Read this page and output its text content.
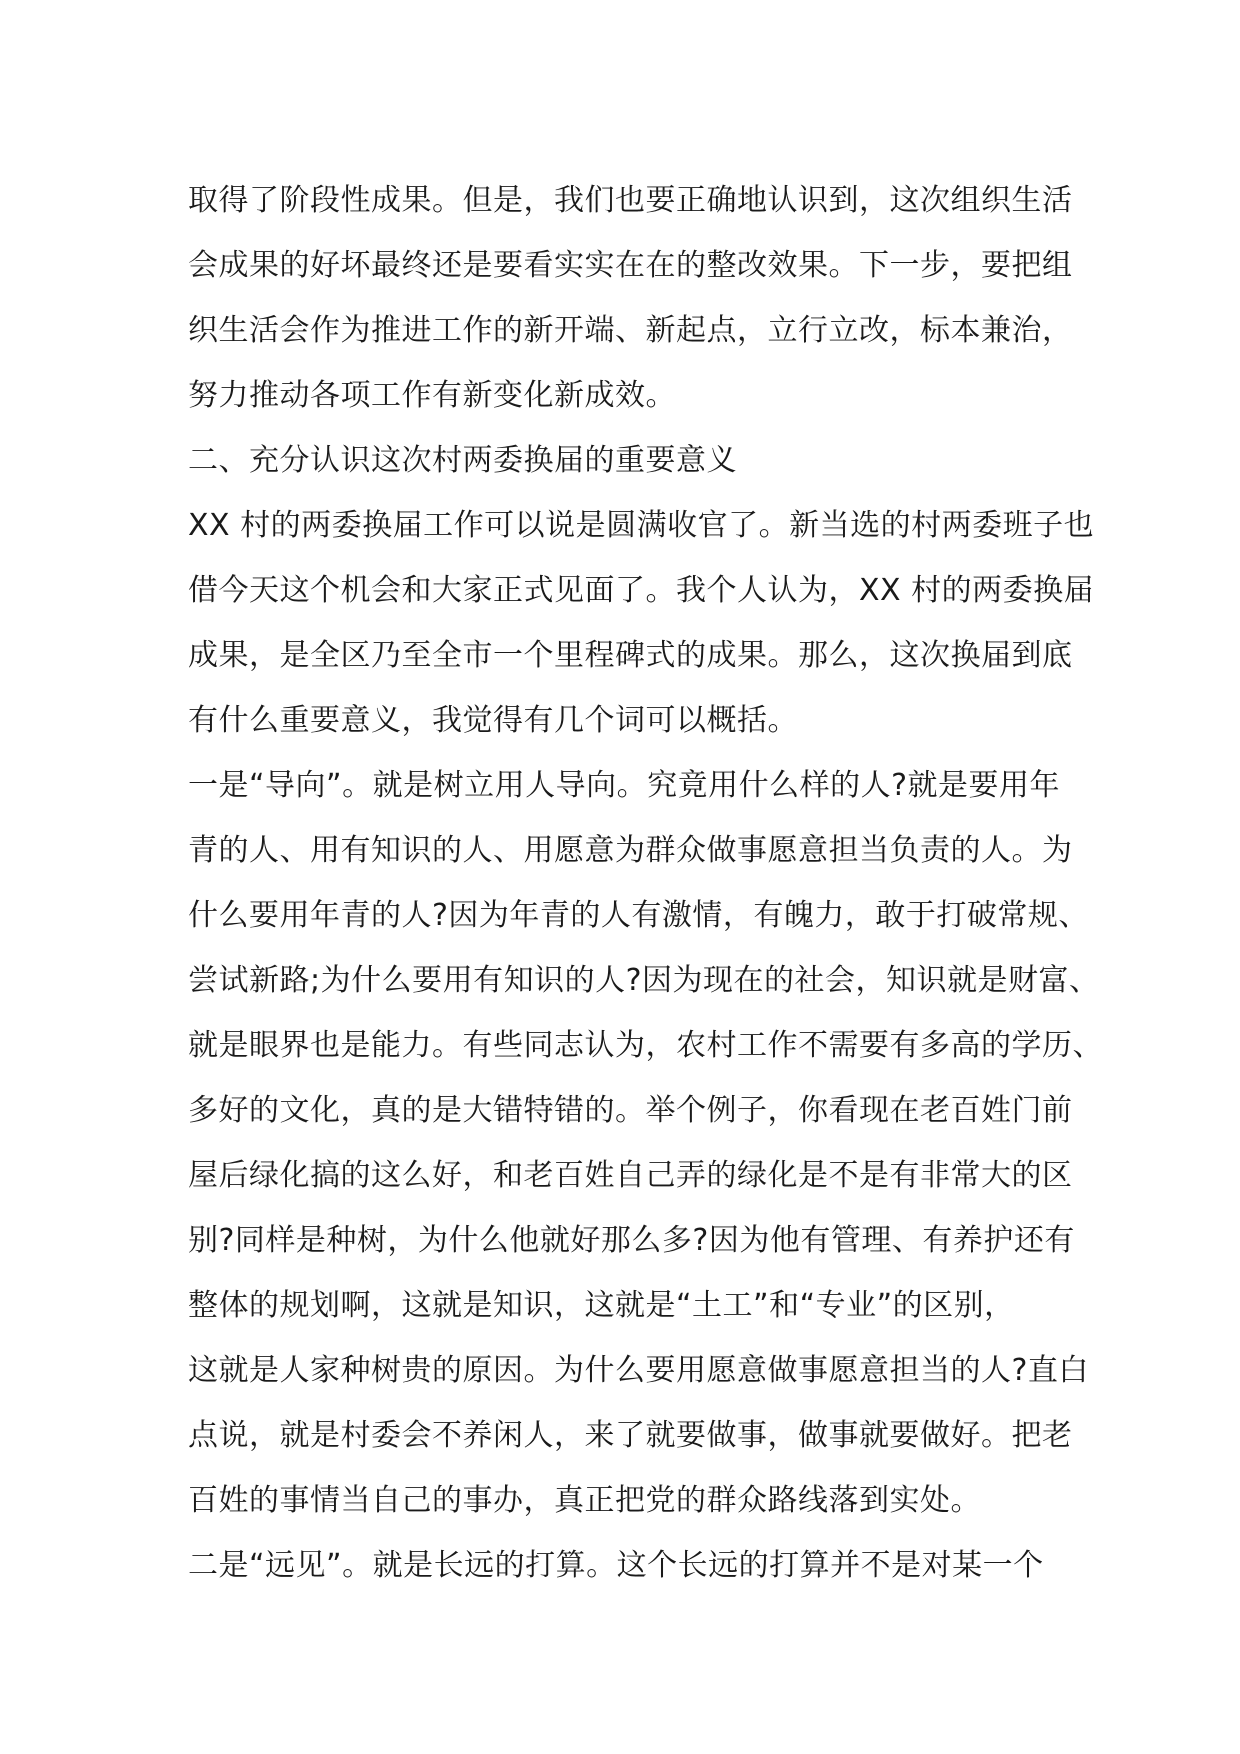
取得了阶段性成果。但是，我们也要正确地认识到，这次组织生活
会成果的好坏最终还是要看实实在在的整改效果。下一步，要把组
织生活会作为推进工作的新开端、新起点，立行立改，标本兼治，
努力推动各项工作有新变化新成效。
二、充分认识这次村两委换届的重要意义
XX 村的两委换届工作可以说是圆满收官了。新当选的村两委班子也
借今天这个机会和大家正式见面了。我个人认为，XX 村的两委换届
成果，是全区乃至全市一个里程碑式的成果。那么，这次换届到底
有什么重要意义，我觉得有几个词可以概括。
一是“导向”。就是树立用人导向。究竟用什么样的人?就是要用年
青的人、用有知识的人、用愿意为群众做事愿意担当负责的人。为
什么要用年青的人?因为年青的人有激情，有魄力，敢于打破常规、
尝试新路;为什么要用有知识的人?因为现在的社会，知识就是财富、
就是眼界也是能力。有些同志认为，农村工作不需要有多高的学历、
多好的文化，真的是大错特错的。举个例子，你看现在老百姓门前
屋后绿化搞的这么好，和老百姓自己弄的绿化是不是有非常大的区
别?同样是种树，为什么他就好那么多?因为他有管理、有养护还有
整体的规划啊，这就是知识，这就是“土工”和“专业”的区别，
这就是人家种树贵的原因。为什么要用愿意做事愿意担当的人?直白
点说，就是村委会不养闲人，来了就要做事，做事就要做好。把老
百姓的事情当自己的事办，真正把党的群众路线落到实处。
二是“远见”。就是长远的打算。这个长远的打算并不是对某一个
